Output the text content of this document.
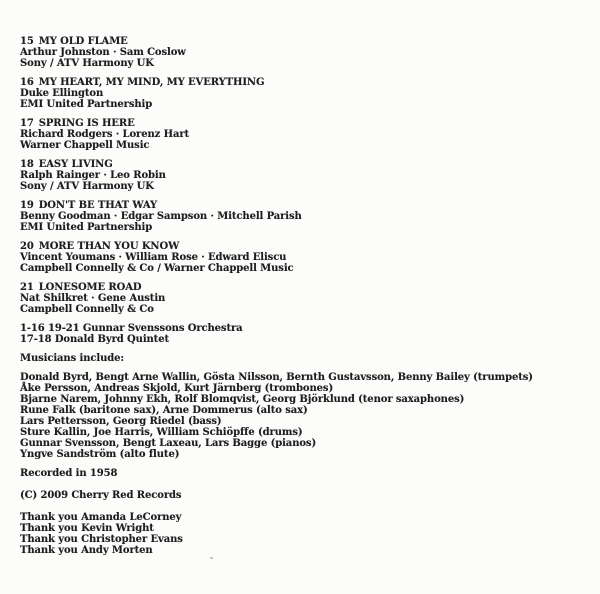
15 MY OLD FLAME
Arthur Johnston · Sam Coslow
Sony / ATV Harmony UK
16 MY HEART, MY MIND, MY EVERYTHING
Duke Ellington
EMI United Partnership
17 SPRING IS HERE
Richard Rodgers · Lorenz Hart
Warner Chappell Music
18 EASY LIVING
Ralph Rainger · Leo Robin
Sony / ATV Harmony UK
19 DON'T BE THAT WAY
Benny Goodman · Edgar Sampson · Mitchell Parish
EMI United Partnership
20 MORE THAN YOU KNOW
Vincent Youmans · William Rose · Edward Eliscu
Campbell Connelly & Co / Warner Chappell Music
21 LONESOME ROAD
Nat Shilkret · Gene Austin
Campbell Connelly & Co
1-16 19-21 Gunnar Svenssons Orchestra
17-18 Donald Byrd Quintet
Musicians include:
Donald Byrd, Bengt Arne Wallin, Gösta Nilsson, Bernth Gustavsson, Benny Bailey (trumpets)
Åke Persson, Andreas Skjold, Kurt Järnberg (trombones)
Bjarne Narem, Johnny Ekh, Rolf Blomqvist, Georg Björklund (tenor saxaphones)
Rune Falk (baritone sax), Arne Dommerus (alto sax)
Lars Pettersson, Georg Riedel (bass)
Sture Kallin, Joe Harris, William Schiöpffe (drums)
Gunnar Svensson, Bengt Laxeau, Lars Bagge (pianos)
Yngve Sandström (alto flute)
Recorded in 1958
(C) 2009 Cherry Red Records
Thank you Amanda LeCorney
Thank you Kevin Wright
Thank you Christopher Evans
Thank you Andy Morten
